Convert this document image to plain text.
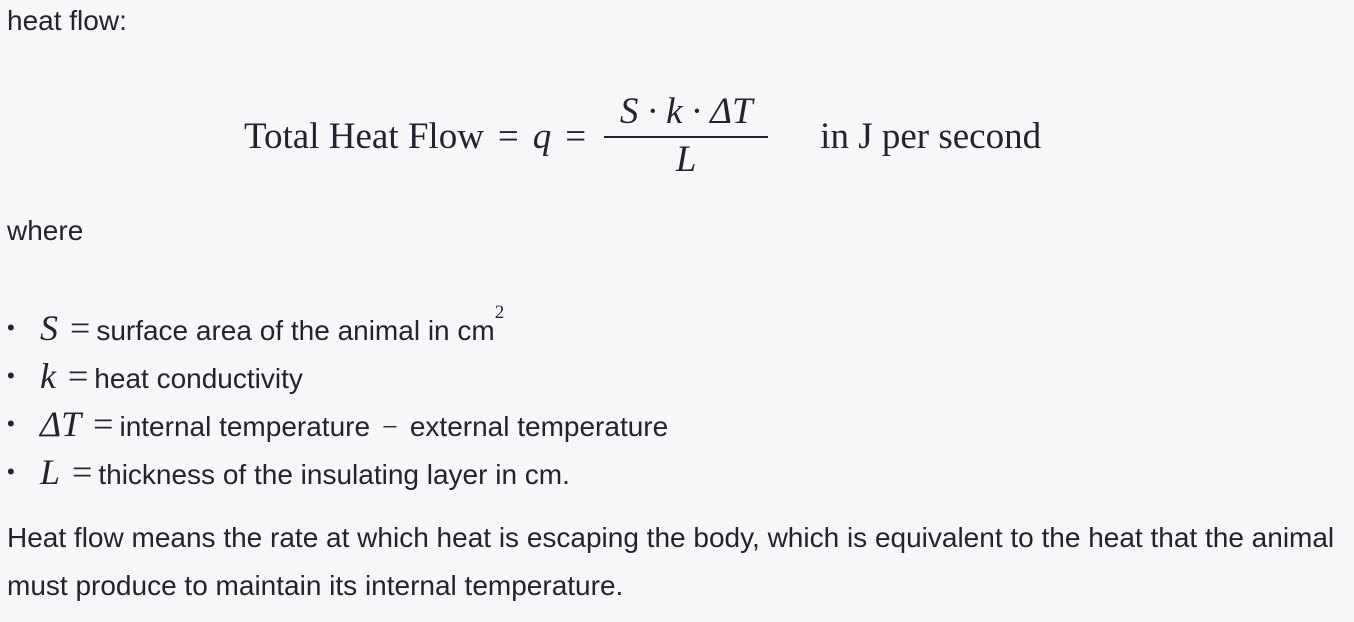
heat flow:
Total Heat Flow = $q = \frac{S \cdot k \cdot \Delta T}{L}$ in J per second
where
• S = surface area of the animal in $cm^2$
• k = heat conductivity
• ΔT = internal temperature − external temperature
• L = thickness of the insulating layer in cm.
Heat flow means the rate at which heat is escaping the body, which is equivalent to the heat that the animal must produce to maintain its internal temperature.
